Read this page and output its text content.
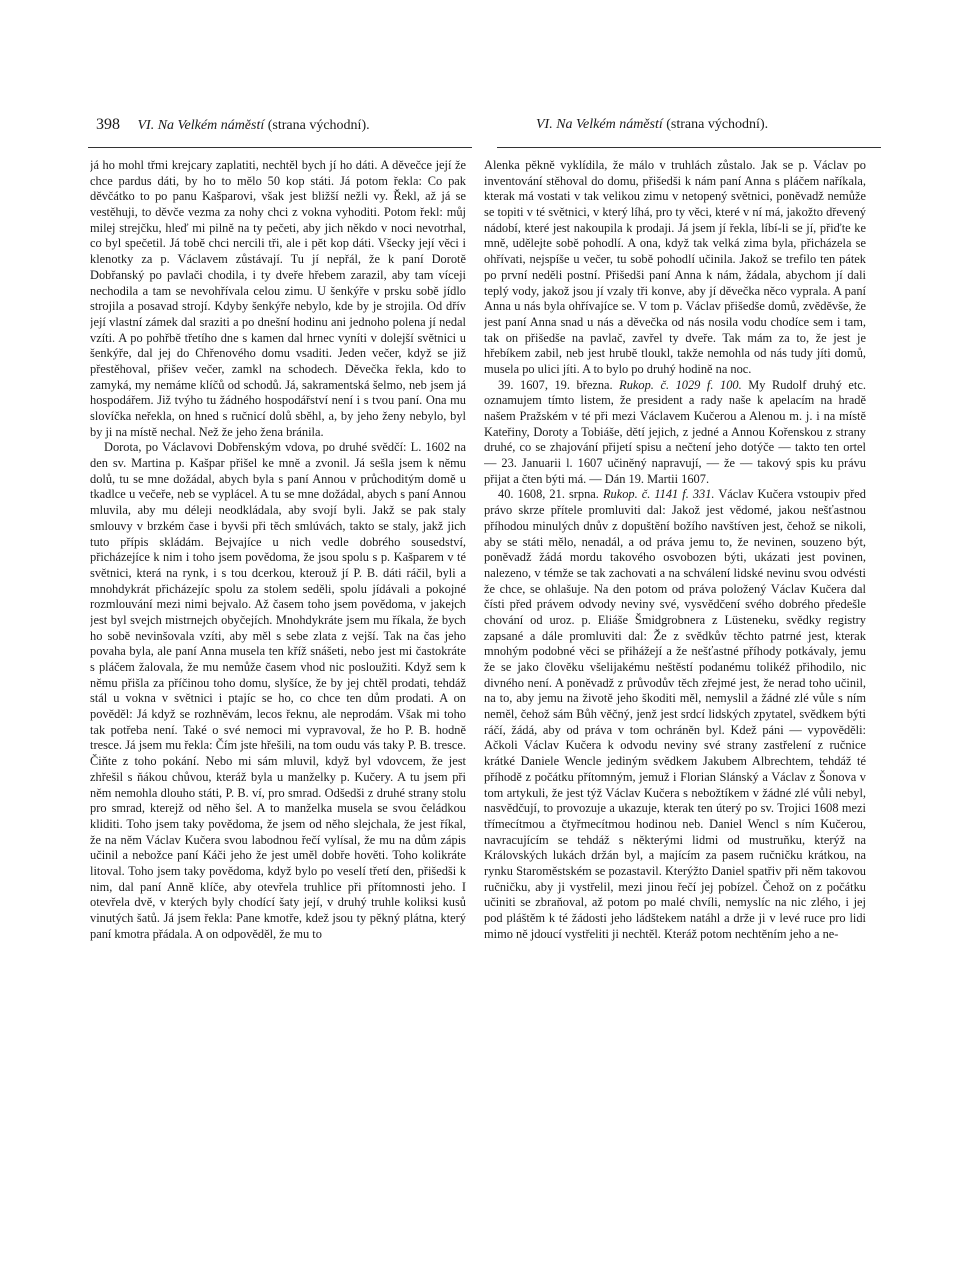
398 VI. Na Velkém náměstí (strana východní).	VI. Na Velkém náměstí (strana východní).

já ho mohl třmi krejcary zaplatiti, nechtěl bych jí ho dáti. A děvečce její že chce pardus dáti, by ho to mělo 50 kop státi. Já potom řekla: Co pak děvčátko to po panu Kašparovi, však jest bližší nežli vy. Řekl, až já se vestěhuji, to děvče vezma za nohy chci z vokna vyhoditi. Potom řekl: můj milej strejčku, hleď mi pilně na ty pečeti, aby jich někdo v noci nevotrhal, co byl spečetil. Já tobě chci nercili tři, ale i pět kop dáti. Všecky její věci i klenotky za p. Václavem zůstávají. Tu jí nepřál, že k paní Dorotě Dobřanský po pavlači chodila, i ty dveře hřebem zarazil, aby tam víceji nechodila a tam se nevohřívala celou zimu. U šenkýře v prsku sobě jídlo strojila a posavad strojí. Kdyby šenkýře nebylo, kde by je strojila. Od dřív její vlastní zámek dal sraziti a po dnešní hodinu ani jednoho polena jí nedal vzíti. A po pohřbě třetího dne s kamen dal hrnec vyníti v dolejší světnici u šenkýře, dal jej do Chřenového domu vsaditi. Jeden večer, když se již přestěhoval, přišev večer, zamkl na schodech. Děvečka řekla, kdo to zamyká, my nemáme klíčů od schodů. Já, sakramentská šelmo, neb jsem já hospodářem. Již tvýho tu žádného hospodářství není i s tvou paní. Ona mu slovíčka neřekla, on hned s ručnicí dolů sběhl, a, by jeho ženy nebylo, byl by ji na místě nechal. Než že jeho žena bránila.

Dorota, po Václavovi Dobřenským vdova, po druhé svědčí: L. 1602 na den sv. Martina p. Kašpar přišel ke mně a zvonil. Já sešla jsem k němu dolů, tu se mne dožádal, abych byla s paní Annou v průchoditým domě u tkadlce u večeře, neb se vyplácel. A tu se mne dožádal, abych s paní Annou mluvila, aby mu déleji neodkládala, aby svojí byli. Jakž se pak staly smlouvy v brzkém čase i byvši při těch smlúvách, takto se staly, jakž jich tuto přípis skládám. Bejvajíce u nich vedle dobrého sousedství, přicházejíce k nim i toho jsem povědoma, že jsou spolu s p. Kašparem v té světnici, která na rynk, i s tou dcerkou, kterouž jí P. B. dáti ráčil, byli a mnohdykrát přicházejíc spolu za stolem seděli, spolu jídávali a pokojné rozmlouvání mezi nimi bejvalo. Až časem toho jsem povědoma, v jakejch jest byl svejch mistrnejch obyčejích. Mnohdykráte jsem mu říkala, že bych ho sobě nevinšovala vzíti, aby měl s sebe zlata z vejší. Tak na čas jeho povaha byla, ale paní Anna musela ten kříž snášeti, nebo jest mi častokráte s pláčem žalovala, že mu nemůže časem vhod nic posloužiti. Když sem k němu přišla za příčinou toho domu, slyšíce, že by jej chtěl prodati, tehdáž stál u vokna v světnici i ptajíc se ho, co chce ten dům prodati. A on pověděl: Já když se rozhněvám, lecos řeknu, ale neprodám. Však mi toho tak potřeba není. Také o své nemoci mi vypravoval, že ho P. B. hodně tresce. Já jsem mu řekla: Čím jste hřešili, na tom oudu vás taky P. B. tresce. Čiňte z toho pokání. Nebo mi sám mluvil, když byl vdovcem, že jest zhřešil s ňákou chůvou, kteráž byla u manželky p. Kučery. A tu jsem při něm nemohla dlouho státi, P. B. ví, pro smrad. Odšedši z druhé strany stolu pro smrad, kterejž od něho šel. A to manželka musela se svou čeládkou kliditi. Toho jsem taky povědoma, že jsem od něho slejchala, že jest říkal, že na něm Václav Kučera svou labodnou řečí vylísal, že mu na dům zápis učinil a nebožce paní Káči jeho že jest uměl dobře hověti. Toho kolikráte litoval. Toho jsem taky povědoma, když bylo po veselí třetí den, přišedši k nim, dal paní Anně klíče, aby otevřela truhlice při přítomnosti jeho. I otevřela dvě, v kterých byly chodící šaty její, v druhý truhle koliksi kusů vinutých šatů. Já jsem řekla: Pane kmotře, kdež jsou ty pěkný plátna, který paní kmotra přádala. A on odpověděl, že mu to

Alenka pěkně vyklídila, že málo v truhlách zůstalo. Jak se p. Václav po inventování stěhoval do domu, přišedši k nám paní Anna s pláčem naříkala, kterak má vostati v tak velikou zimu v netopený světnici, poněvadž nemůže se topiti v té světnici, v který líhá, pro ty věci, které v ní má, jakožto dřevený nádobí, které jest nakoupila k prodaji. Já jsem jí řekla, líbí-li se jí, přiďte ke mně, udělejte sobě pohodlí. A ona, když tak velká zima byla, přicházela se ohřívati, nejspíše u večer, tu sobě pohodlí učinila. Jakož se trefilo ten pátek po první neděli postní. Přišedši paní Anna k nám, žádala, abychom jí dali teplý vody, jakož jsou jí vzaly tři konve, aby jí děvečka něco vyprala. A paní Anna u nás byla ohřívajíce se. V tom p. Václav přišedše domů, zvěděvše, že jest paní Anna snad u nás a děvečka od nás nosila vodu chodíce sem i tam, tak on přišedše na pavlač, zavřel ty dveře. Tak mám za to, že jest je hřebíkem zabil, neb jest hrubě tloukl, takže nemohla od nás tudy jíti domů, musela po ulici jíti. A to bylo po druhý hodině na noc.

39. 1607, 19. března. Rukop. č. 1029 f. 100. My Rudolf druhý etc. oznamujem tímto listem, že president a rady naše k apelacím na hradě našem Pražském v té při mezi Václavem Kučerou a Alenou m. j. i na místě Kateřiny, Doroty a Tobiáše, dětí jejich, z jedné a Annou Kořenskou z strany druhé, co se zhajování přijetí spisu a nečtení jeho dotýče — takto ten ortel — 23. Januarii l. 1607 učiněný napravují, — že — takový spis ku právu přijat a čten býti má. — Dán 19. Martii 1607.

40. 1608, 21. srpna. Rukop. č. 1141 f. 331. Václav Kučera vstoupiv před právo skrze přítele promluviti dal: Jakož jest vědomé, jakou nešťastnou příhodou minulých dnův z dopuštění božího navštíven jest, čehož se nikoli, aby se státi mělo, nenadál, a od práva jemu to, že nevinen, souzeno být, poněvadž žádá mordu takového osvobozen býti, ukázati jest povinen, nalezeno, v témže se tak zachovati a na schválení lidské nevinu svou odvésti že chce, se ohlašuje. Na den potom od práva položený Václav Kučera dal čísti před právem odvody neviny své, vysvědčení svého dobrého předešle chování od uroz. p. Eliáše Šmidgrobnera z Lüsteneku, svědky registry zapsané a dále promluviti dal: Že z svědkův těchto patrné jest, kterak mnohým podobné věci se přihážejí a že nešťastné příhody potkávaly, jemu že se jako člověku všelijakému neštěstí podanému tolikéž přihodilo, nic divného není. A poněvadž z průvodův těch zřejmé jest, že nerad toho učinil, na to, aby jemu na životě jeho škoditi měl, nemyslil a žádné zlé vůle s ním neměl, čehož sám Bůh věčný, jenž jest srdcí lidských zpytatel, svědkem býti ráčí, žádá, aby od práva v tom ochráněn byl. Kdež páni — vypověděli: Ačkoli Václav Kučera k odvodu neviny své strany zastřelení z ručnice krátké Daniele Wencle jediným svědkem Jakubem Albrechtem, tehdáž té příhodě z počátku přítomným, jemuž i Florian Slánský a Václav z Šonova v tom artykuli, že jest týž Václav Kučera s nebožtíkem v žádné zlé vůli nebyl, nasvědčují, to provozuje a ukazuje, kterak ten úterý po sv. Trojici 1608 mezi třímecítmou a čtyřmecítmou hodinou neb. Daniel Wencl s ním Kučerou, navracujícím se tehdáž s některými lidmi od mustruňku, kterýž na Královských lukách držán byl, a majícím za pasem ručničku krátkou, na rynku Staroměstském se pozastavil. Kterýžto Daniel spatřiv při něm takovou ručničku, aby ji vystřelil, mezi jinou řečí jej pobízel. Čehož on z počátku učiniti se zbraňoval, až potom po malé chvíli, nemyslíc na nic zlého, i jej pod pláštěm k té žádosti jeho ládštekem natáhl a drže ji v levé ruce pro lidi mimo ně jdoucí vystřeliti ji nechtěl. Kteráž potom nechtěním jeho a ne-
